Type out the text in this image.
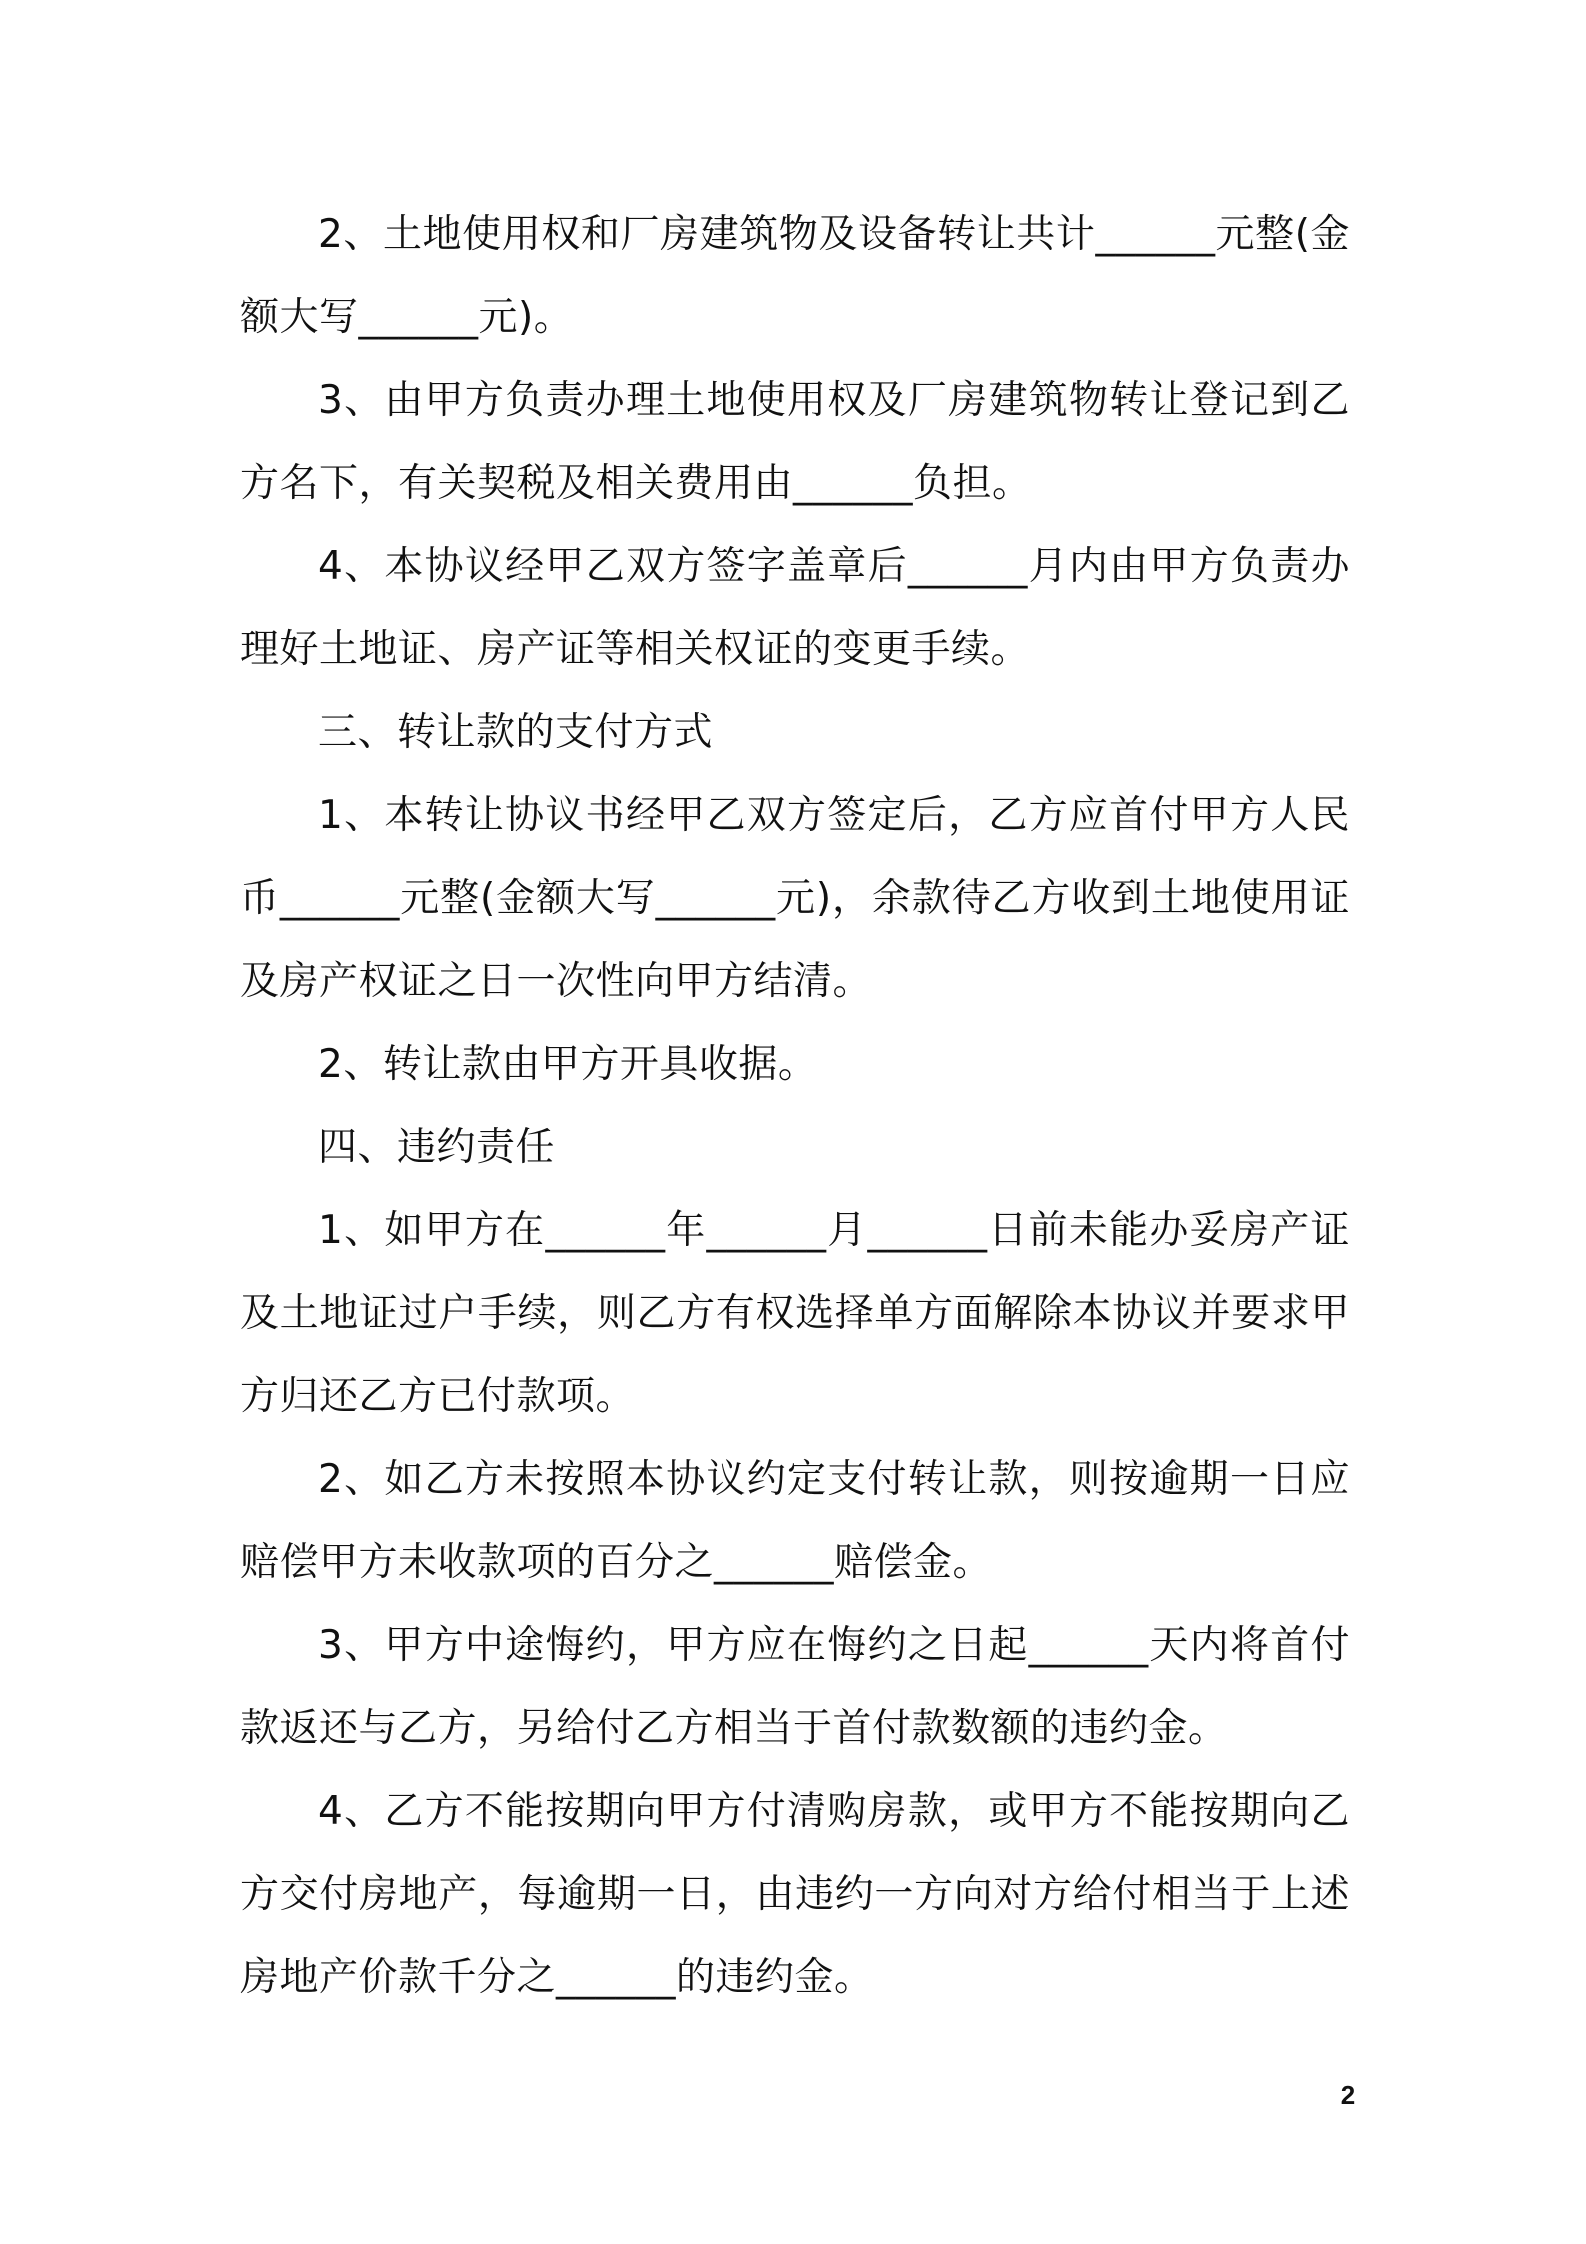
2、土地使用权和厂房建筑物及设备转让共计______元整(金额大写______元)。

3、由甲方负责办理土地使用权及厂房建筑物转让登记到乙方名下，有关契税及相关费用由______负担。

4、本协议经甲乙双方签字盖章后______月内由甲方负责办理好土地证、房产证等相关权证的变更手续。

三、转让款的支付方式

1、本转让协议书经甲乙双方签定后，乙方应首付甲方人民币______元整(金额大写______元)，余款待乙方收到土地使用证及房产权证之日一次性向甲方结清。

2、转让款由甲方开具收据。

四、违约责任

1、如甲方在______年______月______日前未能办妥房产证及土地证过户手续，则乙方有权选择单方面解除本协议并要求甲方归还乙方已付款项。

2、如乙方未按照本协议约定支付转让款，则按逾期一日应赔偿甲方未收款项的百分之______赔偿金。

3、甲方中途悔约，甲方应在悔约之日起______天内将首付款返还与乙方，另给付乙方相当于首付款数额的违约金。

4、乙方不能按期向甲方付清购房款，或甲方不能按期向乙方交付房地产，每逾期一日，由违约一方向对方给付相当于上述房地产价款千分之______的违约金。

2
